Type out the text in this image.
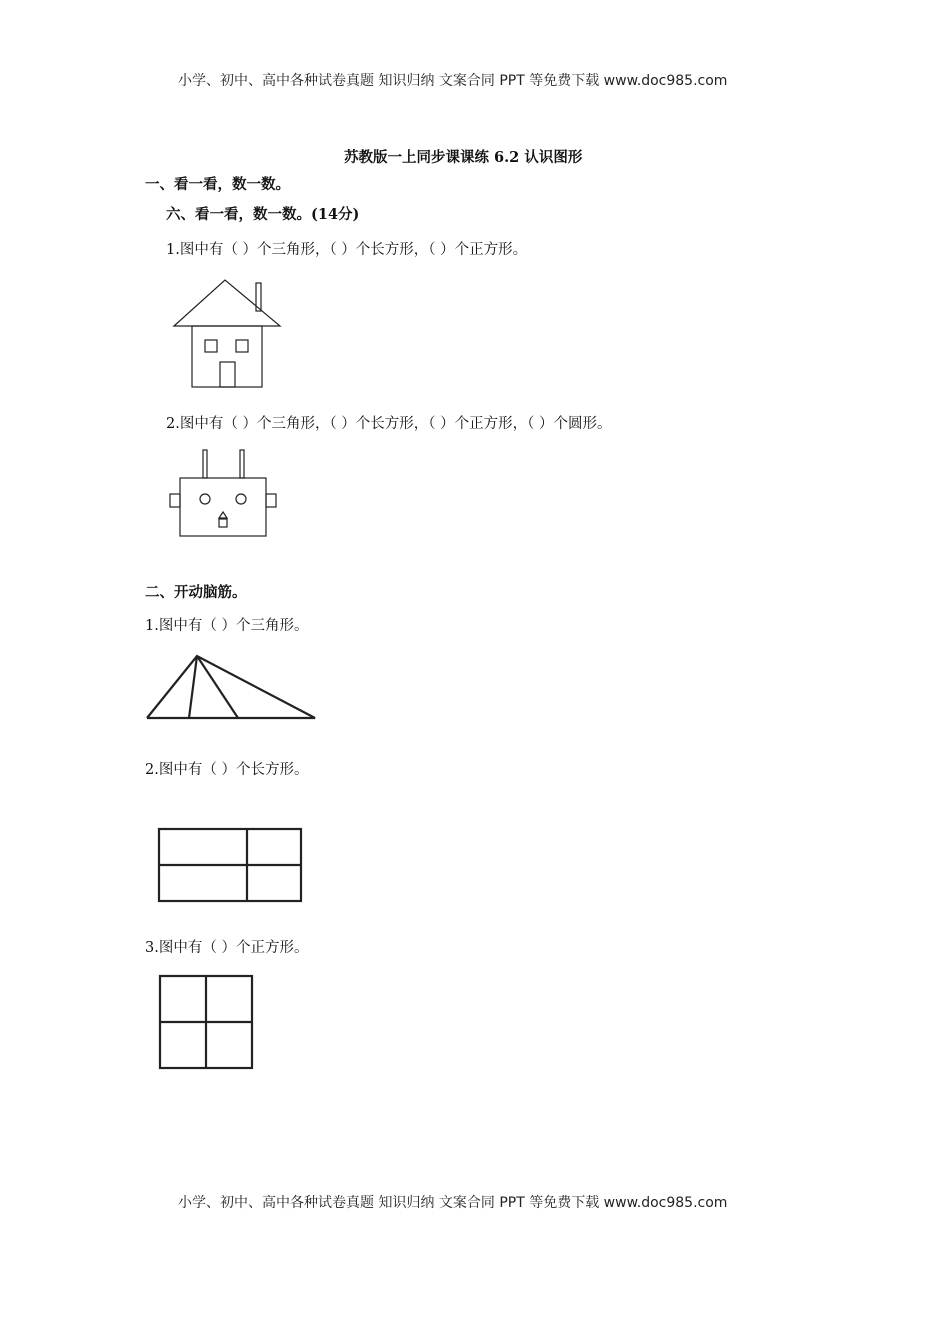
小学、初中、高中各种试卷真题 知识归纳 文案合同 PPT 等免费下载 www.doc985.com
苏教版一上同步课课练 6.2 认识图形
一、看一看，数一数。
六、看一看，数一数。(14分)
1.图中有（ ）个三角形，（ ）个长方形，（ ）个正方形。
2.图中有（ ）个三角形，（ ）个长方形，（ ）个正方形，（ ）个圆形。
二、开动脑筋。
1.图中有（ ）个三角形。
2.图中有（ ）个长方形。
3.图中有（ ）个正方形。
小学、初中、高中各种试卷真题 知识归纳 文案合同 PPT 等免费下载 www.doc985.com
